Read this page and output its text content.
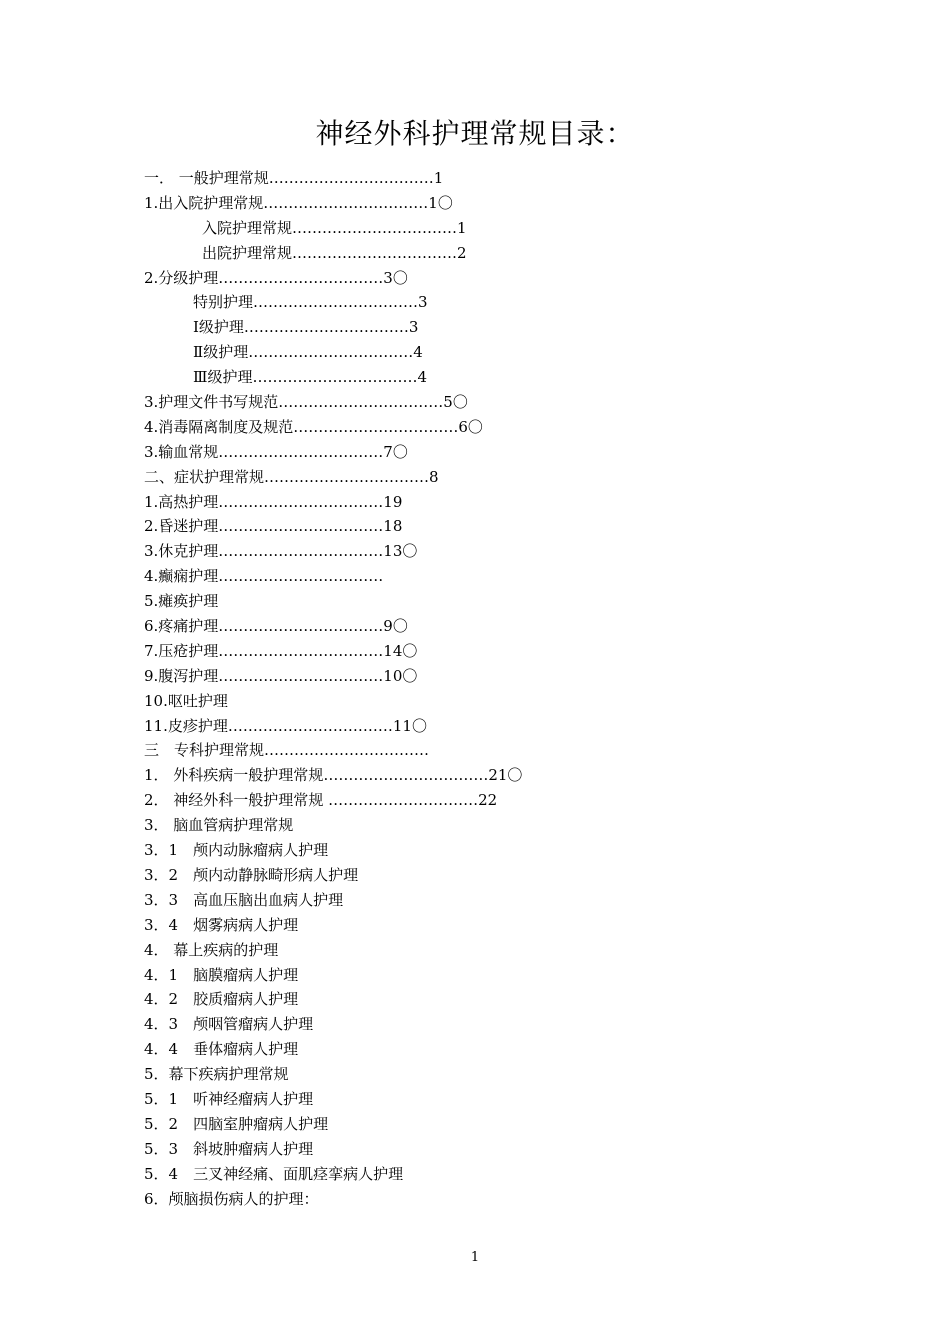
神经外科护理常规目录：
一． 一般护理常规……………………………1
1.出入院护理常规……………………………1〇
入院护理常规……………………………1
出院护理常规……………………………2
2.分级护理……………………………3〇
特别护理……………………………3
Ⅰ级护理……………………………3
Ⅱ级护理……………………………4
Ⅲ级护理……………………………4
3.护理文件书写规范……………………………5〇
4.消毒隔离制度及规范……………………………6〇
3.输血常规……………………………7〇
二、症状护理常规……………………………8
1.高热护理……………………………19
2.昏迷护理……………………………18
3.休克护理……………………………13〇
4.癫痫护理……………………………
5.瘫痪护理
6.疼痛护理……………………………9〇
7.压疮护理……………………………14〇
9.腹泻护理……………………………10〇
10.呕吐护理
11.皮疹护理……………………………11〇
三　专科护理常规……………………………
1． 外科疾病一般护理常规……………………………21〇
2． 神经外科一般护理常规 …………………………22
3． 脑血管病护理常规
3．1　颅内动脉瘤病人护理
3．2　颅内动静脉畸形病人护理
3．3　高血压脑出血病人护理
3．4　烟雾病病人护理
4． 幕上疾病的护理
4．1　脑膜瘤病人护理
4．2　胶质瘤病人护理
4．3　颅咽管瘤病人护理
4．4　垂体瘤病人护理
5．幕下疾病护理常规
5．1　听神经瘤病人护理
5．2　四脑室肿瘤病人护理
5．3　斜坡肿瘤病人护理
5．4　三叉神经痛、面肌痉挛病人护理
6．颅脑损伤病人的护理：
1
